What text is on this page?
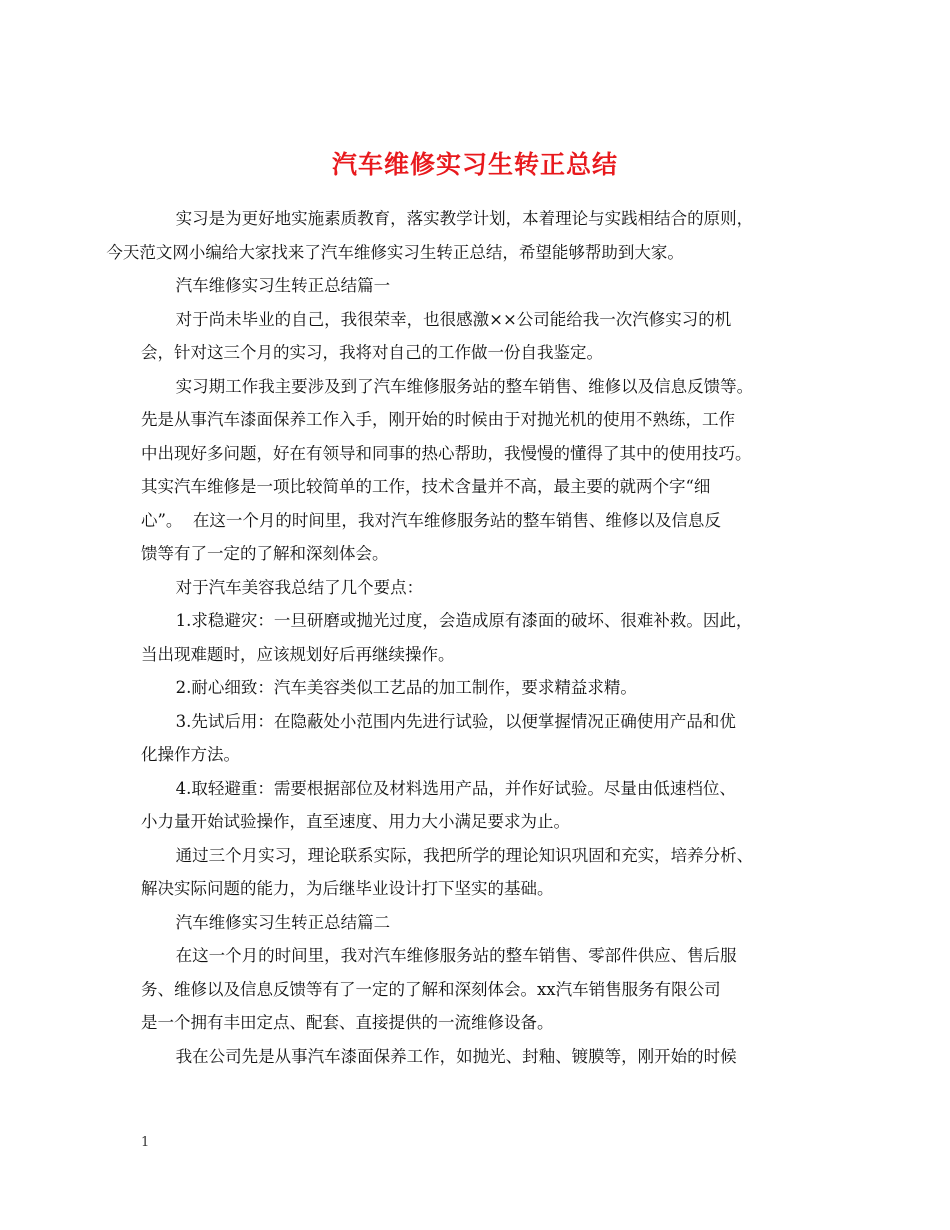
汽车维修实习生转正总结

实习是为更好地实施素质教育，落实教学计划，本着理论与实践相结合的原则，
今天范文网小编给大家找来了汽车维修实习生转正总结，希望能够帮助到大家。

汽车维修实习生转正总结篇一

对于尚未毕业的自己，我很荣幸，也很感激××公司能给我一次汽修实习的机
会，针对这三个月的实习，我将对自己的工作做一份自我鉴定。

实习期工作我主要涉及到了汽车维修服务站的整车销售、维修以及信息反馈等。
先是从事汽车漆面保养工作入手，刚开始的时候由于对抛光机的使用不熟练，工作
中出现好多问题，好在有领导和同事的热心帮助，我慢慢的懂得了其中的使用技巧。
其实汽车维修是一项比较简单的工作，技术含量并不高，最主要的就两个字“细
心”。  在这一个月的时间里，我对汽车维修服务站的整车销售、维修以及信息反
馈等有了一定的了解和深刻体会。

对于汽车美容我总结了几个要点：

1.求稳避灾：一旦研磨或抛光过度，会造成原有漆面的破坏、很难补救。因此，
当出现难题时，应该规划好后再继续操作。

2.耐心细致：汽车美容类似工艺品的加工制作，要求精益求精。

3.先试后用：在隐蔽处小范围内先进行试验，以便掌握情况正确使用产品和优
化操作方法。

4.取轻避重：需要根据部位及材料选用产品，并作好试验。尽量由低速档位、
小力量开始试验操作，直至速度、用力大小满足要求为止。

通过三个月实习，理论联系实际，我把所学的理论知识巩固和充实，培养分析、
解决实际问题的能力，为后继毕业设计打下坚实的基础。

汽车维修实习生转正总结篇二

在这一个月的时间里，我对汽车维修服务站的整车销售、零部件供应、售后服
务、维修以及信息反馈等有了一定的了解和深刻体会。xx汽车销售服务有限公司
是一个拥有丰田定点、配套、直接提供的一流维修设备。

我在公司先是从事汽车漆面保养工作，如抛光、封釉、镀膜等，刚开始的时候

1
